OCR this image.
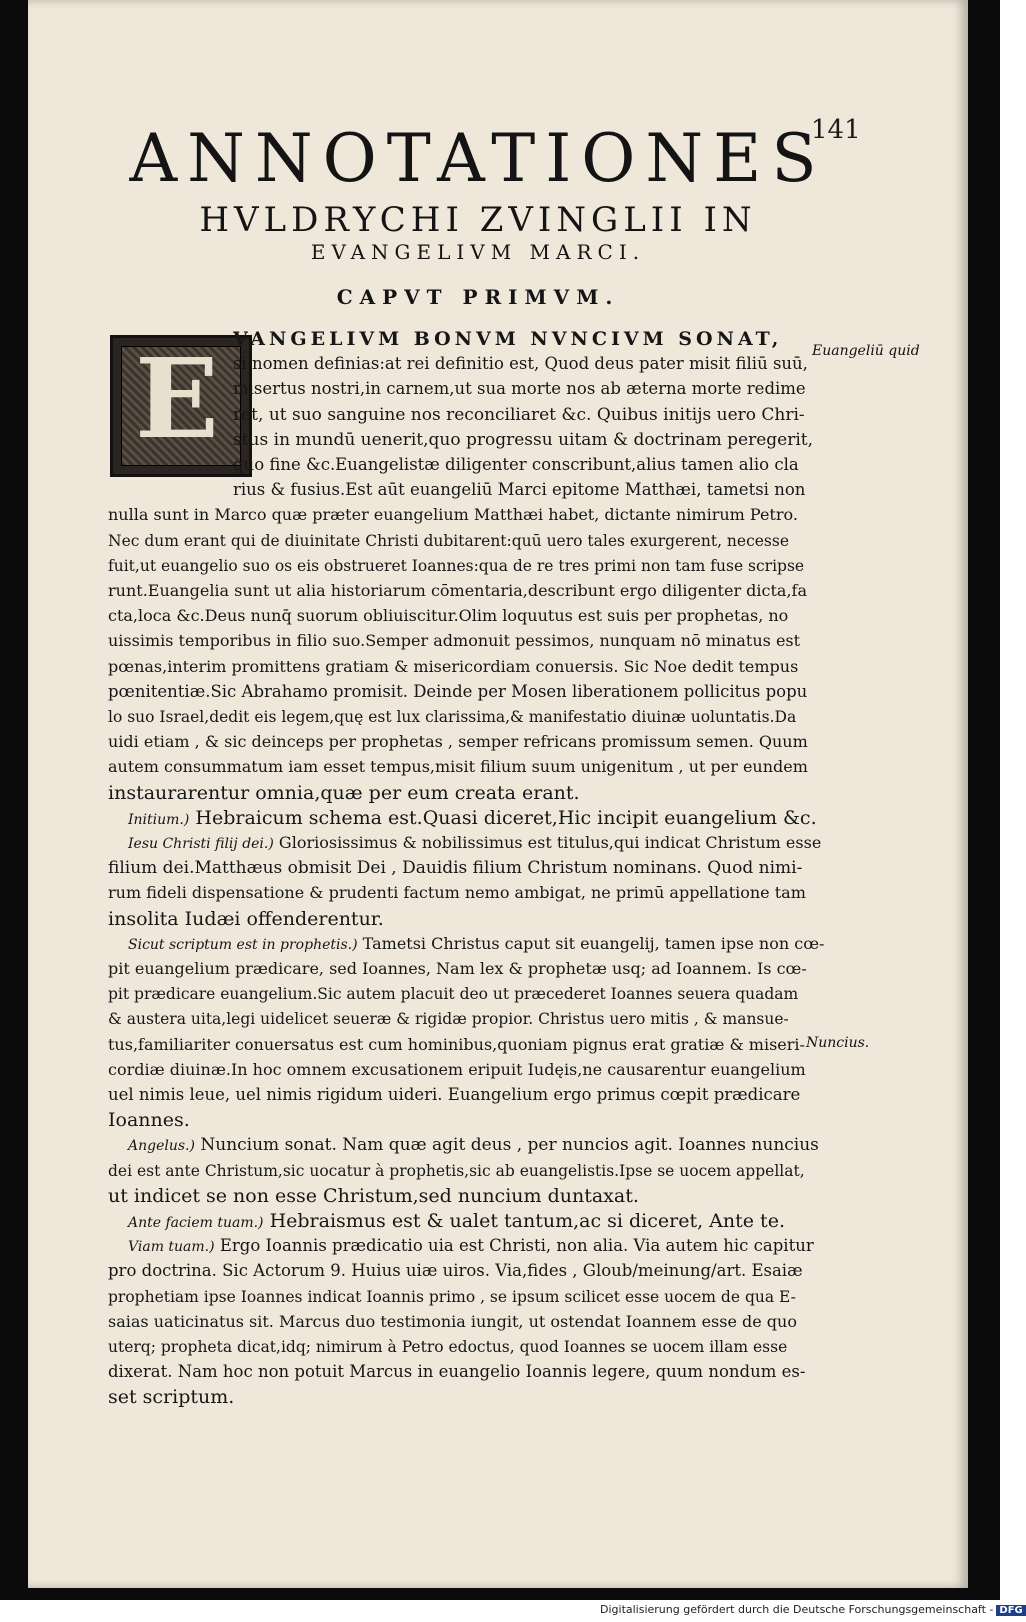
141
ANNOTATIONES
HVLDRYCHI ZVINGLII IN
EVANGELIVM MARCI.
CAPVT PRIMVM.
E VANGELIVM BONVM NVNCIVM SONAT,
si nomen definias:at rei definitio est, Quod deus pater misit filiū suū,
misertus nostri,in carnem,ut sua morte nos ab æterna morte redime
ret, ut suo sanguine nos reconciliaret &c. Quibus initijs uero Chri-
stus in mundū uenerit,quo progressu uitam & doctrinam peregerit,
quo fine &c.Euangelistæ diligenter conscribunt,alius tamen alio cla
rius & fusius.Est aūt euangeliū Marci epitome Matthæi, tametsi non
nulla sunt in Marco quæ præter euangelium Matthæi habet, dictante nimirum Petro.
Nec dum erant qui de diuinitate Christi dubitarent:quū uero tales exurgerent, necesse
fuit,ut euangelio suo os eis obstrueret Ioannes:qua de re tres primi non tam fuse scripse
runt.Euangelia sunt ut alia historiarum cōmentaria,describunt ergo diligenter dicta,fa
cta,loca &c.Deus nunq̄ suorum obliuiscitur.Olim loquutus est suis per prophetas, no
uissimis temporibus in filio suo.Semper admonuit pessimos, nunquam nō minatus est
pœnas,interim promittens gratiam & misericordiam conuersis. Sic Noe dedit tempus
pœnitentiæ.Sic Abrahamo promisit. Deinde per Mosen liberationem pollicitus popu
lo suo Israel,dedit eis legem,quę est lux clarissima,& manifestatio diuinæ uoluntatis.Da
uidi etiam , & sic deinceps per prophetas , semper refricans promissum semen. Quum
autem consummatum iam esset tempus,misit filium suum unigenitum , ut per eundem
instaurarentur omnia,quæ per eum creata erant.
Initium.) Hebraicum schema est.Quasi diceret,Hic incipit euangelium &c.
Iesu Christi filij dei.) Gloriosissimus & nobilissimus est titulus,qui indicat Christum esse
filium dei.Matthæus obmisit Dei , Dauidis filium Christum nominans. Quod nimi-
rum fideli dispensatione & prudenti factum nemo ambigat, ne primū appellatione tam
insolita Iudæi offenderentur.
Sicut scriptum est in prophetis.) Tametsi Christus caput sit euangelij, tamen ipse non cœ-
pit euangelium prædicare, sed Ioannes, Nam lex & prophetæ usq; ad Ioannem. Is cœ-
pit prædicare euangelium.Sic autem placuit deo ut præcederet Ioannes seuera quadam
& austera uita,legi uidelicet seueræ & rigidæ propior. Christus uero mitis , & mansue-
tus,familiariter conuersatus est cum hominibus,quoniam pignus erat gratiæ & miseri-
cordiæ diuinæ.In hoc omnem excusationem eripuit Iudęis,ne causarentur euangelium
uel nimis leue, uel nimis rigidum uideri. Euangelium ergo primus cœpit prædicare
Ioannes.
Angelus.) Nuncium sonat. Nam quæ agit deus , per nuncios agit. Ioannes nuncius
dei est ante Christum,sic uocatur à prophetis,sic ab euangelistis.Ipse se uocem appellat,
ut indicet se non esse Christum,sed nuncium duntaxat.
Ante faciem tuam.) Hebraismus est & ualet tantum,ac si diceret, Ante te.
Viam tuam.) Ergo Ioannis prædicatio uia est Christi, non alia. Via autem hic capitur
pro doctrina. Sic Actorum 9. Huius uiæ uiros. Via,fides , Gloub/meinung/art. Esaiæ
prophetiam ipse Ioannes indicat Ioannis primo , se ipsum scilicet esse uocem de qua E-
saias uaticinatus sit. Marcus duo testimonia iungit, ut ostendat Ioannem esse de quo
uterq; propheta dicat,idq; nimirum à Petro edoctus, quod Ioannes se uocem illam esse
dixerat. Nam hoc non potuit Marcus in euangelio Ioannis legere, quum nondum es-
set scriptum.
Euangeliū quid
Nuncius.
Digitalisierung gefördert durch die Deutsche Forschungsgemeinschaft - DFG
